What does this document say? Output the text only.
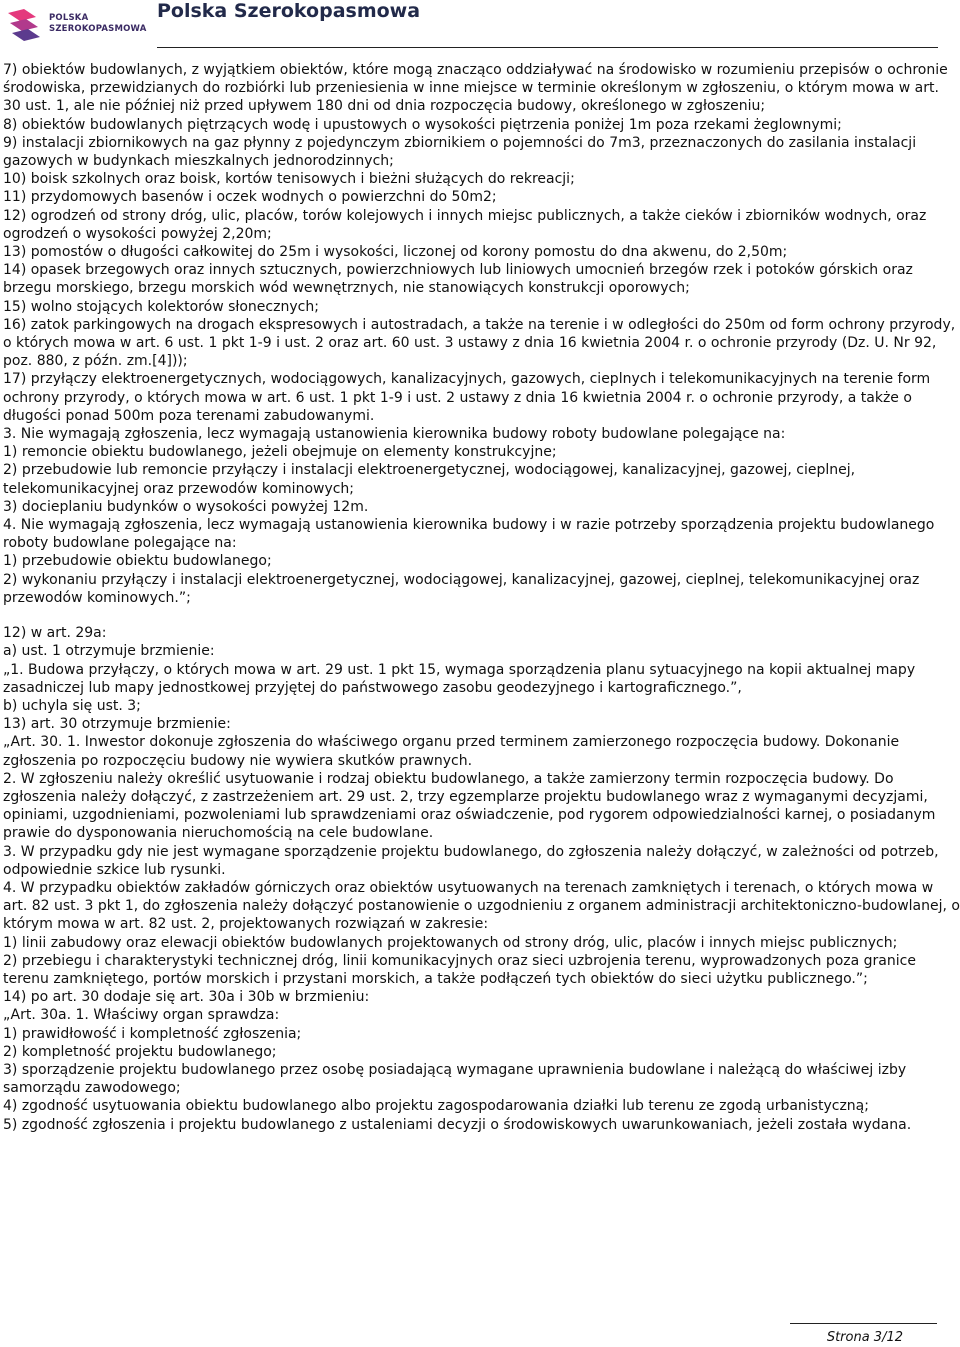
POLSKA
SZEROKOPASMOWA
Polska Szerokopasmowa

7) obiektów budowlanych, z wyjątkiem obiektów, które mogą znacząco oddziaływać na środowisko w rozumieniu przepisów o ochronie środowiska, przewidzianych do rozbiórki lub przeniesienia w inne miejsce w terminie określonym w zgłoszeniu, o którym mowa w art. 30 ust. 1, ale nie później niż przed upływem 180 dni od dnia rozpoczęcia budowy, określonego w zgłoszeniu;

8) obiektów budowlanych piętrzących wodę i upustowych o wysokości piętrzenia poniżej 1m poza rzekami żeglownymi;

9) instalacji zbiornikowych na gaz płynny z pojedynczym zbiornikiem o pojemności do 7m3, przeznaczonych do zasilania instalacji gazowych w budynkach mieszkalnych jednorodzinnych;

10) boisk szkolnych oraz boisk, kortów tenisowych i bieżni służących do rekreacji;

11) przydomowych basenów i oczek wodnych o powierzchni do 50m2;

12) ogrodzeń od strony dróg, ulic, placów, torów kolejowych i innych miejsc publicznych, a także cieków i zbiorników wodnych, oraz ogrodzeń o wysokości powyżej 2,20m;

13) pomostów o długości całkowitej do 25m i wysokości, liczonej od korony pomostu do dna akwenu, do 2,50m;

14) opasek brzegowych oraz innych sztucznych, powierzchniowych lub liniowych umocnień brzegów rzek i potoków górskich oraz brzegu morskiego, brzegu morskich wód wewnętrznych, nie stanowiących konstrukcji oporowych;

15) wolno stojących kolektorów słonecznych;

16) zatok parkingowych na drogach ekspresowych i autostradach, a także na terenie i w odległości do 250m od form ochrony przyrody, o których mowa w art. 6 ust. 1 pkt 1-9 i ust. 2 oraz art. 60 ust. 3 ustawy z dnia 16 kwietnia 2004 r. o ochronie przyrody (Dz. U. Nr 92, poz. 880, z późn. zm.[4]));

17) przyłączy elektroenergetycznych, wodociągowych, kanalizacyjnych, gazowych, cieplnych i telekomunikacyjnych na terenie form ochrony przyrody, o których mowa w art. 6 ust. 1 pkt 1-9 i ust. 2 ustawy z dnia 16 kwietnia 2004 r. o ochronie przyrody, a także o długości ponad 500m poza terenami zabudowanymi.

3. Nie wymagają zgłoszenia, lecz wymagają ustanowienia kierownika budowy roboty budowlane polegające na:

1) remoncie obiektu budowlanego, jeżeli obejmuje on elementy konstrukcyjne;

2) przebudowie lub remoncie przyłączy i instalacji elektroenergetycznej, wodociągowej, kanalizacyjnej, gazowej, cieplnej, telekomunikacyjnej oraz przewodów kominowych;

3) docieplaniu budynków o wysokości powyżej 12m.

4. Nie wymagają zgłoszenia, lecz wymagają ustanowienia kierownika budowy i w razie potrzeby sporządzenia projektu budowlanego roboty budowlane polegające na:

1) przebudowie obiektu budowlanego;

2) wykonaniu przyłączy i instalacji elektroenergetycznej, wodociągowej, kanalizacyjnej, gazowej, cieplnej, telekomunikacyjnej oraz przewodów kominowych.”;

12) w art. 29a:

a) ust. 1 otrzymuje brzmienie:

„1. Budowa przyłączy, o których mowa w art. 29 ust. 1 pkt 15, wymaga sporządzenia planu sytuacyjnego na kopii aktualnej mapy zasadniczej lub mapy jednostkowej przyjętej do państwowego zasobu geodezyjnego i kartograficznego.”,

b) uchyla się ust. 3;

13) art. 30 otrzymuje brzmienie:

„Art. 30. 1. Inwestor dokonuje zgłoszenia do właściwego organu przed terminem zamierzonego rozpoczęcia budowy. Dokonanie zgłoszenia po rozpoczęciu budowy nie wywiera skutków prawnych.

2. W zgłoszeniu należy określić usytuowanie i rodzaj obiektu budowlanego, a także zamierzony termin rozpoczęcia budowy. Do zgłoszenia należy dołączyć, z zastrzeżeniem art. 29 ust. 2, trzy egzemplarze projektu budowlanego wraz z wymaganymi decyzjami, opiniami, uzgodnieniami, pozwoleniami lub sprawdzeniami oraz oświadczenie, pod rygorem odpowiedzialności karnej, o posiadanym prawie do dysponowania nieruchomością na cele budowlane.

3. W przypadku gdy nie jest wymagane sporządzenie projektu budowlanego, do zgłoszenia należy dołączyć, w zależności od potrzeb, odpowiednie szkice lub rysunki.

4. W przypadku obiektów zakładów górniczych oraz obiektów usytuowanych na terenach zamkniętych i terenach, o których mowa w art. 82 ust. 3 pkt 1, do zgłoszenia należy dołączyć postanowienie o uzgodnieniu z organem administracji architektoniczno-budowlanej, o którym mowa w art. 82 ust. 2, projektowanych rozwiązań w zakresie:

1) linii zabudowy oraz elewacji obiektów budowlanych projektowanych od strony dróg, ulic, placów i innych miejsc publicznych;

2) przebiegu i charakterystyki technicznej dróg, linii komunikacyjnych oraz sieci uzbrojenia terenu, wyprowadzonych poza granice terenu zamkniętego, portów morskich i przystani morskich, a także podłączeń tych obiektów do sieci użytku publicznego.”;

14) po art. 30 dodaje się art. 30a i 30b w brzmieniu:

„Art. 30a. 1. Właściwy organ sprawdza:

1) prawidłowość i kompletność zgłoszenia;

2) kompletność projektu budowlanego;

3) sporządzenie projektu budowlanego przez osobę posiadającą wymagane uprawnienia budowlane i należącą do właściwej izby samorządu zawodowego;

4) zgodność usytuowania obiektu budowlanego albo projektu zagospodarowania działki lub terenu ze zgodą urbanistyczną;

5) zgodność zgłoszenia i projektu budowlanego z ustaleniami decyzji o środowiskowych uwarunkowaniach, jeżeli została wydana.

Strona 3/12
